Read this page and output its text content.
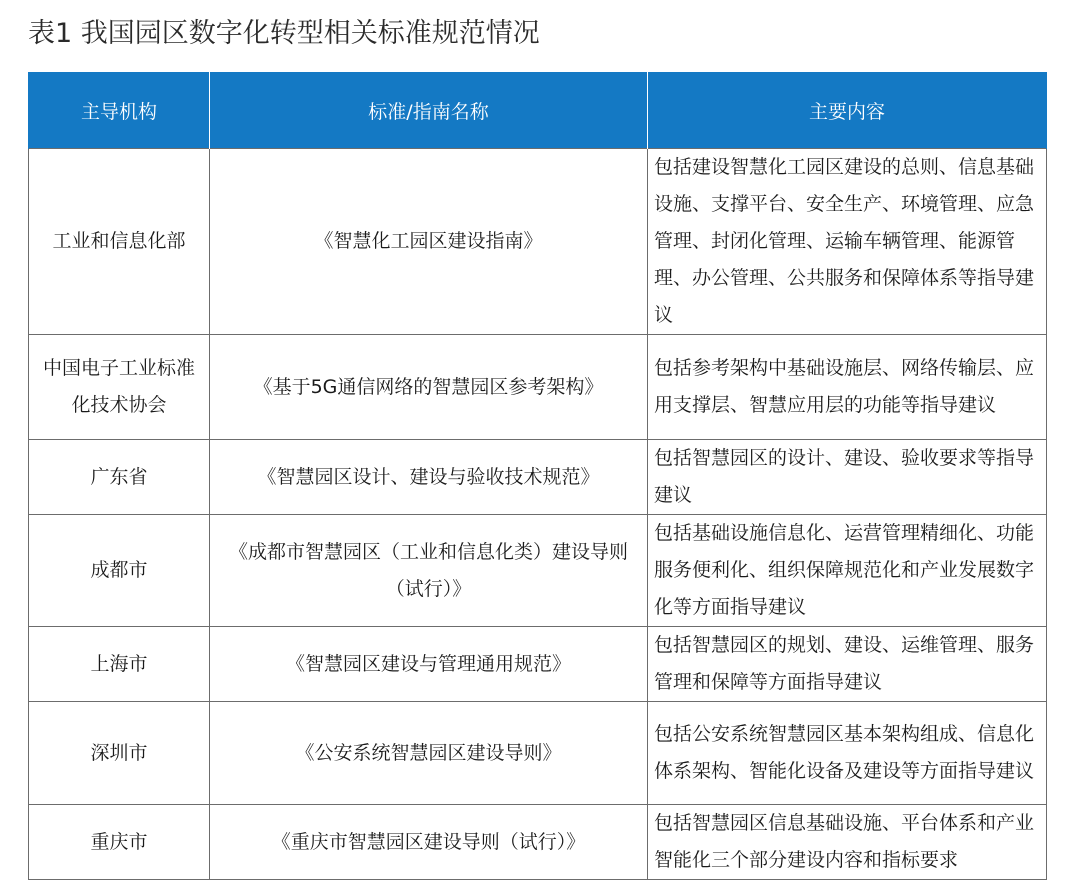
表1 我国园区数字化转型相关标准规范情况
主导机构	标准/指南名称	主要内容
工业和信息化部	《智慧化工园区建设指南》	包括建设智慧化工园区建设的总则、信息基础设施、支撑平台、安全生产、环境管理、应急管理、封闭化管理、运输车辆管理、能源管理、办公管理、公共服务和保障体系等指导建议
中国电子工业标准化技术协会	《基于5G通信网络的智慧园区参考架构》	包括参考架构中基础设施层、网络传输层、应用支撑层、智慧应用层的功能等指导建议
广东省	《智慧园区设计、建设与验收技术规范》	包括智慧园区的设计、建设、验收要求等指导建议
成都市	《成都市智慧园区（工业和信息化类）建设导则（试行）》	包括基础设施信息化、运营管理精细化、功能服务便利化、组织保障规范化和产业发展数字化等方面指导建议
上海市	《智慧园区建设与管理通用规范》	包括智慧园区的规划、建设、运维管理、服务管理和保障等方面指导建议
深圳市	《公安系统智慧园区建设导则》	包括公安系统智慧园区基本架构组成、信息化体系架构、智能化设备及建设等方面指导建议
重庆市	《重庆市智慧园区建设导则（试行）》	包括智慧园区信息基础设施、平台体系和产业智能化三个部分建设内容和指标要求
